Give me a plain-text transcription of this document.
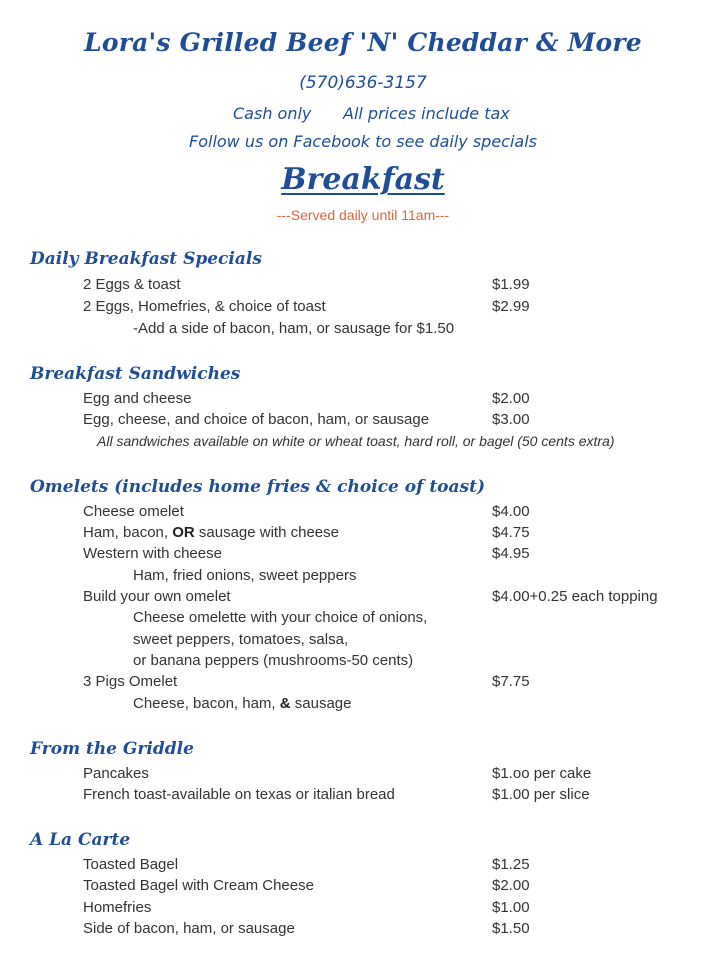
Lora's Grilled Beef 'N' Cheddar & More
(570)636-3157
Cash only All prices include tax
Follow us on Facebook to see daily specials
Breakfast
---Served daily until 11am---
Daily Breakfast Specials
2 Eggs & toast	$1.99
2 Eggs, Homefries, & choice of toast	$2.99
-Add a side of bacon, ham, or sausage for $1.50
Breakfast Sandwiches
Egg and cheese	$2.00
Egg, cheese, and choice of bacon, ham, or sausage	$3.00
All sandwiches available on white or wheat toast, hard roll, or bagel (50 cents extra)
Omelets (includes home fries & choice of toast)
Cheese omelet	$4.00
Ham, bacon, OR sausage with cheese	$4.75
Western with cheese	$4.95
Ham, fried onions, sweet peppers
Build your own omelet	$4.00+0.25 each topping
Cheese omelette with your choice of onions,
sweet peppers, tomatoes, salsa,
or banana peppers (mushrooms-50 cents)
3 Pigs Omelet	$7.75
Cheese, bacon, ham, & sausage
From the Griddle
Pancakes	$1.oo per cake
French toast-available on texas or italian bread	$1.00 per slice
A La Carte
Toasted Bagel	$1.25
Toasted Bagel with Cream Cheese	$2.00
Homefries	$1.00
Side of bacon, ham, or sausage	$1.50
